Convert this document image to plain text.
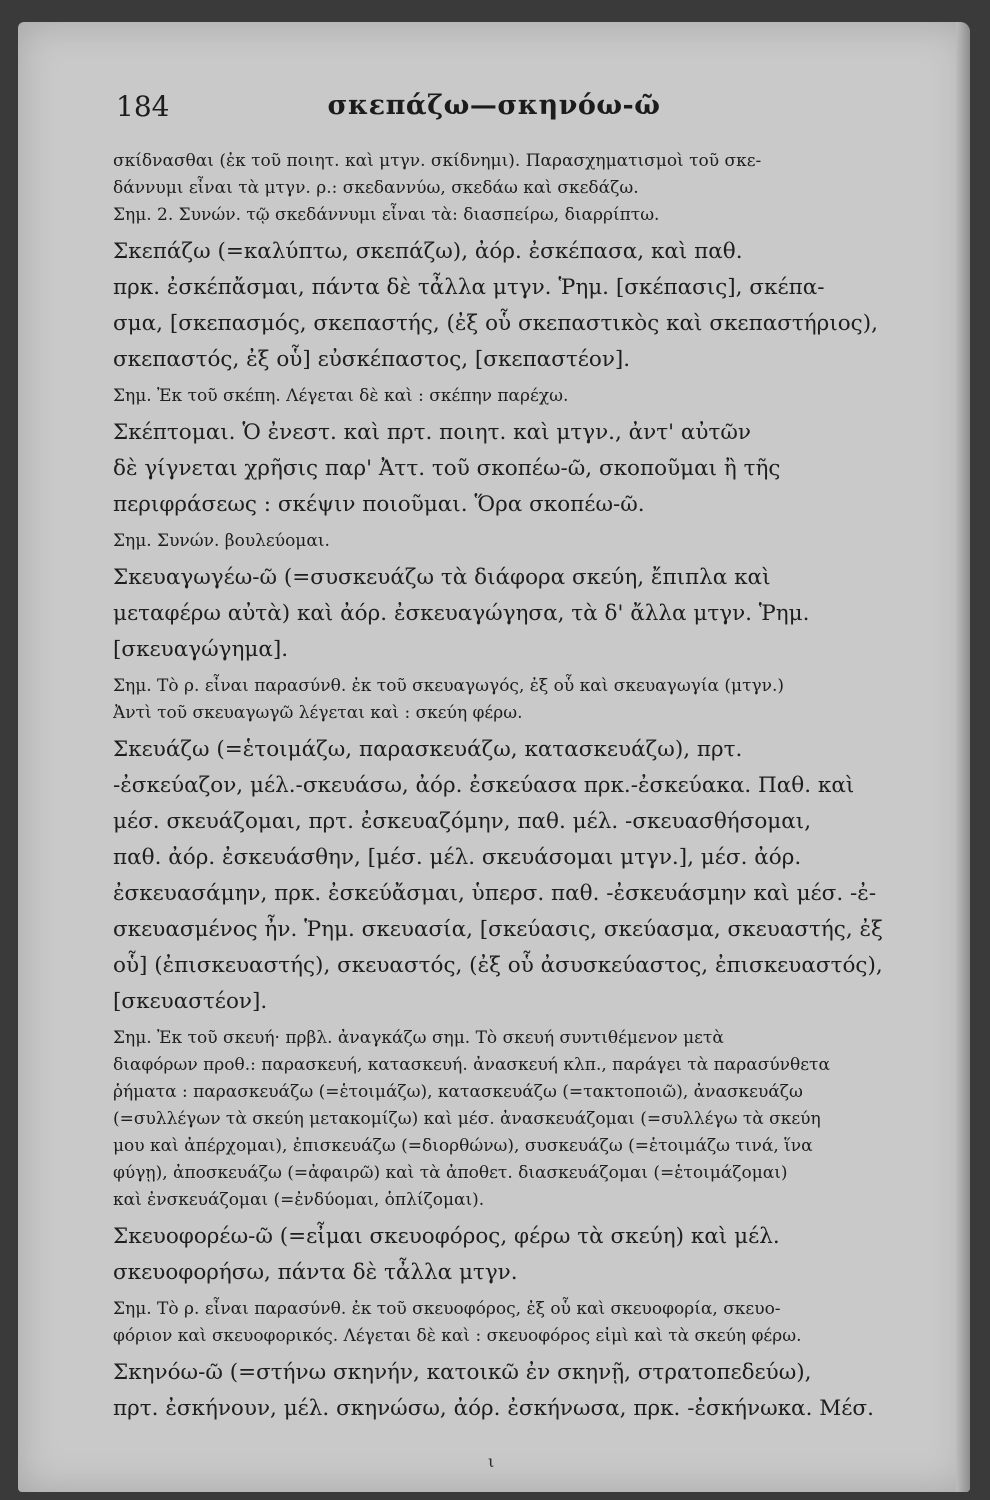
184	σκεπάζω—σκηνόω-ῶ
σκίδνασθαι (ἐκ τοῦ ποιητ. καὶ μτγν. σκίδνημι). Παρασχηματισμοὶ τοῦ σκε-
δάννυμι εἶναι τὰ μτγν. ρ.: σκεδαννύω, σκεδάω καὶ σκεδάζω.
Σημ. 2. Συνών. τῷ σκεδάννυμι εἶναι τὰ: διασπείρω, διαρρίπτω.
Σκεπάζω (=καλύπτω, σκεπάζω), ἀόρ. ἐσκέπασα, καὶ παθ.
πρκ. ἐσκέπἄσμαι, πάντα δὲ τἆλλα μτγν. Ῥημ. [σκέπασις], σκέπα-
σμα, [σκεπασμός, σκεπαστής, (ἐξ οὗ σκεπαστικὸς καὶ σκεπαστήριος),
σκεπαστός, ἐξ οὗ] εὐσκέπαστος, [σκεπαστέον].
Σημ. Ἐκ τοῦ σκέπη. Λέγεται δὲ καὶ : σκέπην παρέχω.
Σκέπτομαι. Ὁ ἐνεστ. καὶ πρτ. ποιητ. καὶ μτγν., ἀντ' αὐτῶν
δὲ γίγνεται χρῆσις παρ' Ἀττ. τοῦ σκοπέω-ῶ, σκοποῦμαι ἢ τῆς
περιφράσεως : σκέψιν ποιοῦμαι. Ὅρα σκοπέω-ῶ.
Σημ. Συνών. βουλεύομαι.
Σκευαγωγέω-ῶ (=συσκευάζω τὰ διάφορα σκεύη, ἔπιπλα καὶ
μεταφέρω αὐτὰ) καὶ ἀόρ. ἐσκευαγώγησα, τὰ δ' ἄλλα μτγν. Ῥημ.
[σκευαγώγημα].
Σημ. Τὸ ρ. εἶναι παρασύνθ. ἐκ τοῦ σκευαγωγός, ἐξ οὗ καὶ σκευαγωγία (μτγν.)
Ἀντὶ τοῦ σκευαγωγῶ λέγεται καὶ : σκεύη φέρω.
Σκευάζω (=ἑτοιμάζω, παρασκευάζω, κατασκευάζω), πρτ.
-ἐσκεύαζον, μέλ.-σκευάσω, ἀόρ. ἐσκεύασα πρκ.-ἐσκεύακα. Παθ. καὶ
μέσ. σκευάζομαι, πρτ. ἐσκευαζόμην, παθ. μέλ. -σκευασθήσομαι,
παθ. ἀόρ. ἐσκευάσθην, [μέσ. μέλ. σκευάσομαι μτγν.], μέσ. ἀόρ.
ἐσκευασάμην, πρκ. ἐσκεύἄσμαι, ὑπερσ. παθ. -ἐσκευάσμην καὶ μέσ. -ἐ-
σκευασμένος ἦν. Ῥημ. σκευασία, [σκεύασις, σκεύασμα, σκευαστής, ἐξ
οὗ] (ἐπισκευαστής), σκευαστός, (ἐξ οὗ ἀσυσκεύαστος, ἐπισκευαστός),
[σκευαστέον].
Σημ. Ἐκ τοῦ σκευή· πρβλ. ἀναγκάζω σημ. Τὸ σκευή συντιθέμενον μετὰ
διαφόρων προθ.: παρασκευή, κατασκευή. ἀνασκευή κλπ., παράγει τὰ παρασύνθετα
ῥήματα : παρασκευάζω (=ἑτοιμάζω), κατασκευάζω (=τακτοποιῶ), ἀνασκευάζω
(=συλλέγων τὰ σκεύη μετακομίζω) καὶ μέσ. ἀνασκευάζομαι (=συλλέγω τὰ σκεύη
μου καὶ ἀπέρχομαι), ἐπισκευάζω (=διορθώνω), συσκευάζω (=ἑτοιμάζω τινά, ἵνα
φύγῃ), ἀποσκευάζω (=ἀφαιρῶ) καὶ τὰ ἀποθετ. διασκευάζομαι (=ἑτοιμάζομαι)
καὶ ἐνσκευάζομαι (=ἐνδύομαι, ὁπλίζομαι).
Σκευοφορέω-ῶ (=εἶμαι σκευοφόρος, φέρω τὰ σκεύη) καὶ μέλ.
σκευοφορήσω, πάντα δὲ τἆλλα μτγν.
Σημ. Τὸ ρ. εἶναι παρασύνθ. ἐκ τοῦ σκευοφόρος, ἐξ οὗ καὶ σκευοφορία, σκευο-
φόριον καὶ σκευοφορικός. Λέγεται δὲ καὶ : σκευοφόρος εἰμὶ καὶ τὰ σκεύη φέρω.
Σκηνόω-ῶ (=στήνω σκηνήν, κατοικῶ ἐν σκηνῇ, στρατοπεδεύω),
πρτ. ἐσκήνουν, μέλ. σκηνώσω, ἀόρ. ἐσκήνωσα, πρκ. -ἐσκήνωκα. Μέσ.
ι
